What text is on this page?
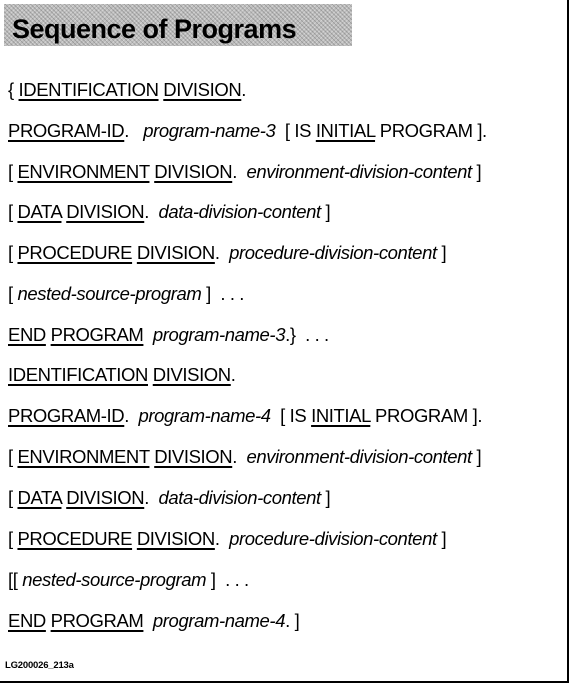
Sequence of Programs
{ IDENTIFICATION DIVISION.
PROGRAM-ID.   program-name-3  [ IS INITIAL PROGRAM ].
[ ENVIRONMENT DIVISION.  environment-division-content ]
[ DATA DIVISION.  data-division-content ]
[ PROCEDURE DIVISION.  procedure-division-content ]
[ nested-source-program ]  . . .
END PROGRAM program-name-3.}  . . .
IDENTIFICATION DIVISION.
PROGRAM-ID.  program-name-4  [ IS INITIAL PROGRAM ].
[ ENVIRONMENT DIVISION.  environment-division-content ]
[ DATA DIVISION.  data-division-content ]
[ PROCEDURE DIVISION.  procedure-division-content ]
[[ nested-source-program ]  . . .
END PROGRAM program-name-4. ]
LG200026_213a
